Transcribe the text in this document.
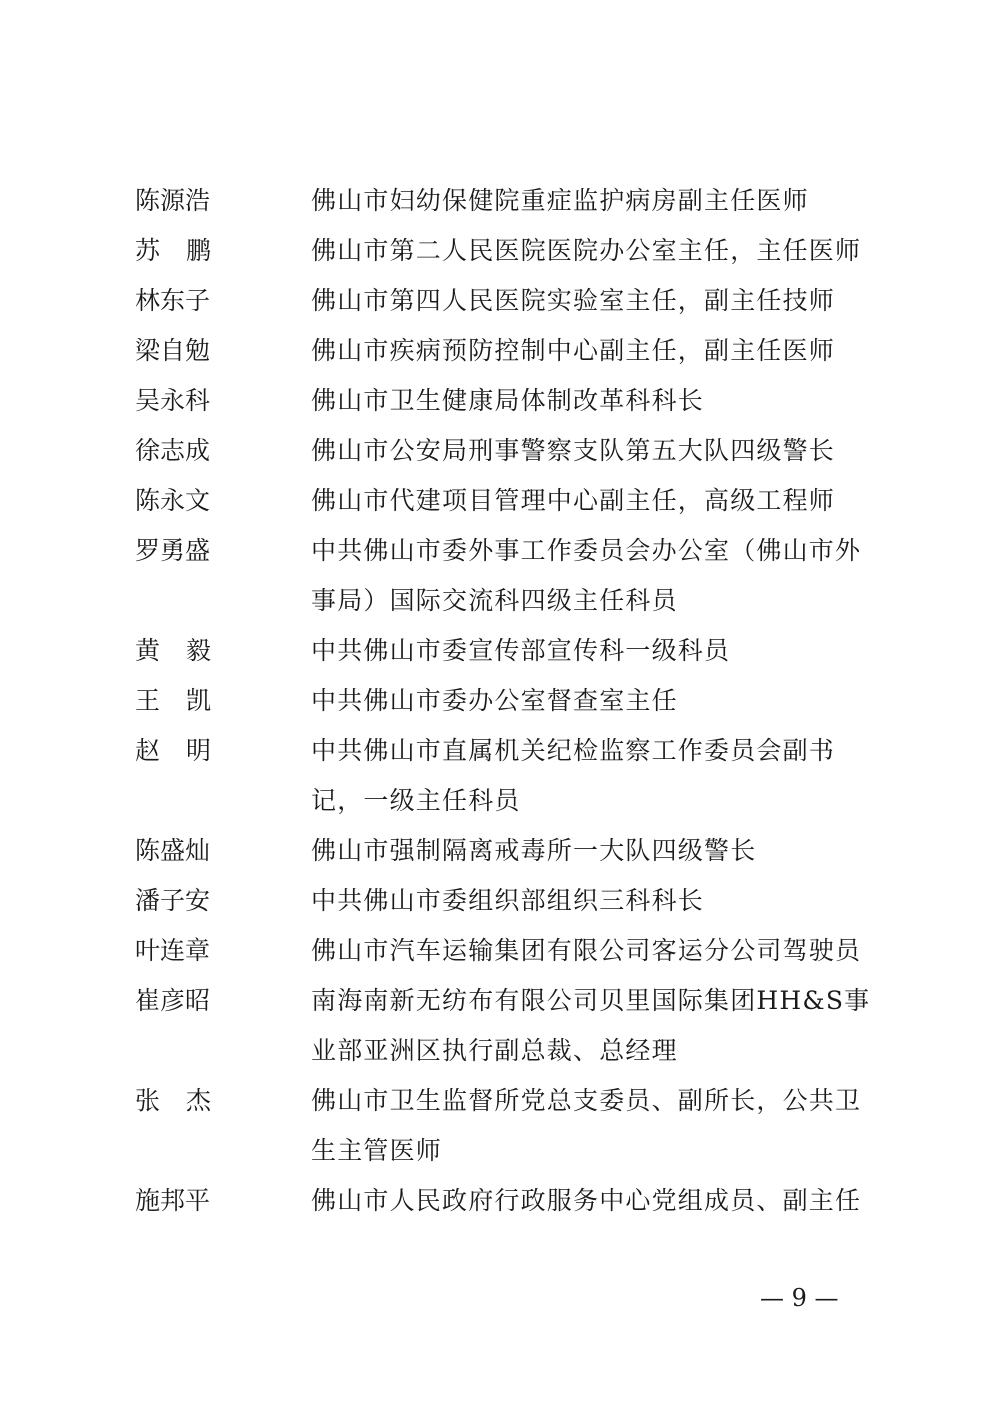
陈源浩	佛山市妇幼保健院重症监护病房副主任医师
苏鹏	佛山市第二人民医院医院办公室主任，主任医师
林东子	佛山市第四人民医院实验室主任，副主任技师
梁自勉	佛山市疾病预防控制中心副主任，副主任医师
吴永科	佛山市卫生健康局体制改革科科长
徐志成	佛山市公安局刑事警察支队第五大队四级警长
陈永文	佛山市代建项目管理中心副主任，高级工程师
罗勇盛	中共佛山市委外事工作委员会办公室（佛山市外事局）国际交流科四级主任科员
黄毅	中共佛山市委宣传部宣传科一级科员
王凯	中共佛山市委办公室督查室主任
赵明	中共佛山市直属机关纪检监察工作委员会副书记，一级主任科员
陈盛灿	佛山市强制隔离戒毒所一大队四级警长
潘子安	中共佛山市委组织部组织三科科长
叶连章	佛山市汽车运输集团有限公司客运分公司驾驶员
崔彦昭	南海南新无纺布有限公司贝里国际集团HH&S事业部亚洲区执行副总裁、总经理
张杰	佛山市卫生监督所党总支委员、副所长，公共卫生主管医师
施邦平	佛山市人民政府行政服务中心党组成员、副主任
— 9 —
